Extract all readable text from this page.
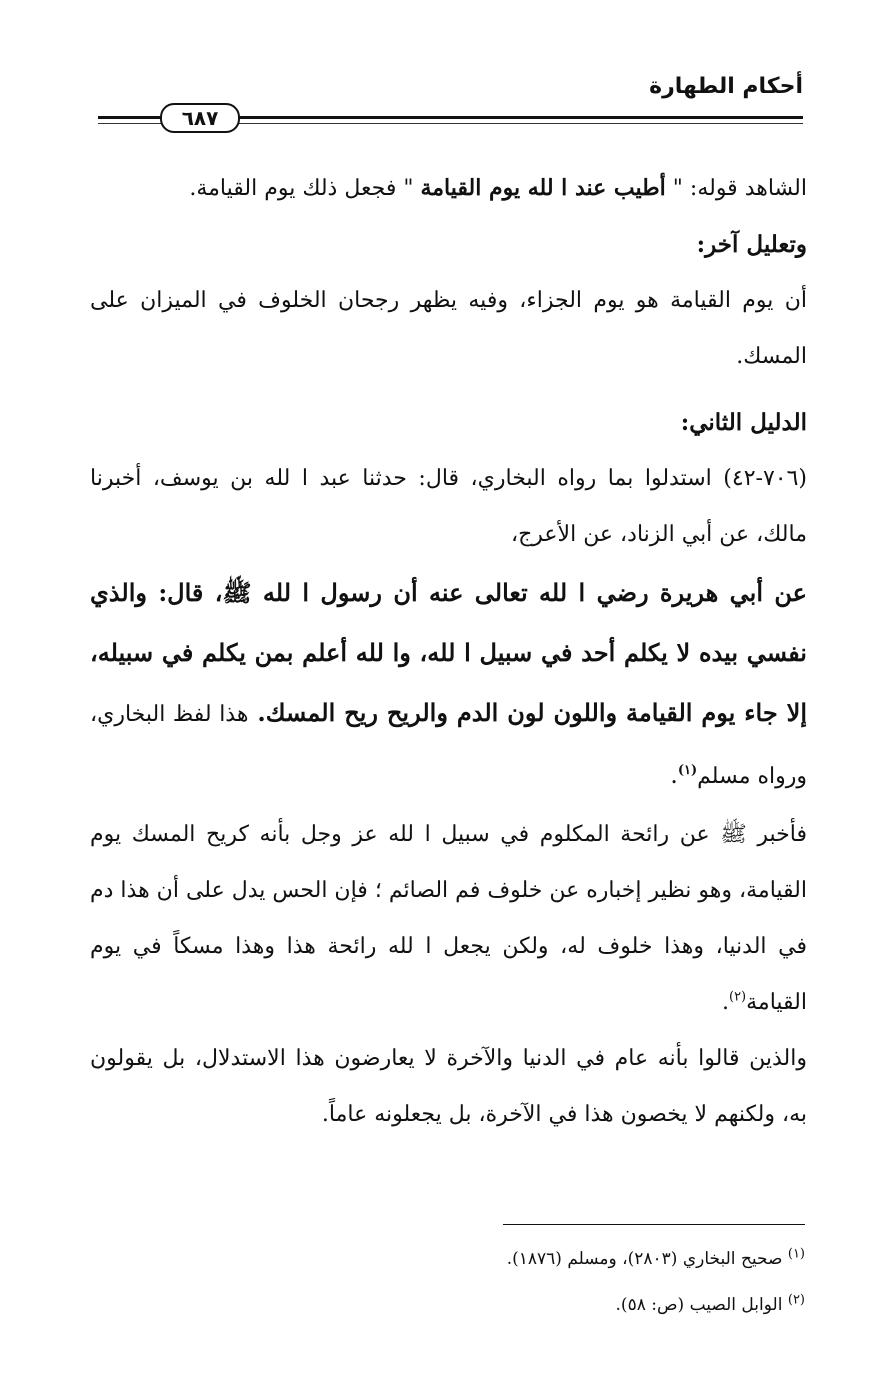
أحكام الطهارة
٦٨٧

الشاهد قوله: " أطيب عند ا لله يوم القيامة " فجعل ذلك يوم القيامة.

وتعليل آخر:

أن يوم القيامة هو يوم الجزاء، وفيه يظهر رجحان الخلوف في الميزان على المسك.

الدليل الثاني:

(٧٠٦-٤٢) استدلوا بما رواه البخاري، قال: حدثنا عبد ا لله بن يوسف، أخبرنا مالك، عن أبي الزناد، عن الأعرج،

عن أبي هريرة رضي ا لله تعالى عنه أن رسول ا لله ﷺ، قال: والذي نفسي بيده لا يكلم أحد في سبيل ا لله، وا لله أعلم بمن يكلم في سبيله، إلا جاء يوم القيامة واللون لون الدم والريح ريح المسك. هذا لفظ البخاري، ورواه مسلم$^{(١)}$.

فأخبر ﷺ عن رائحة المكلوم في سبيل ا لله عز وجل بأنه كريح المسك يوم القيامة، وهو نظير إخباره عن خلوف فم الصائم ؛ فإن الحس يدل على أن هذا دم في الدنيا، وهذا خلوف له، ولكن يجعل ا لله رائحة هذا وهذا مسكاً في يوم القيامة$^{(٢)}$.

والذين قالوا بأنه عام في الدنيا والآخرة لا يعارضون هذا الاستدلال، بل يقولون به، ولكنهم لا يخصون هذا في الآخرة، بل يجعلونه عاماً.

$^{(١)}$ صحيح البخاري (٢٨٠٣)، ومسلم (١٨٧٦).

$^{(٢)}$ الوابل الصيب (ص: ٥٨).
